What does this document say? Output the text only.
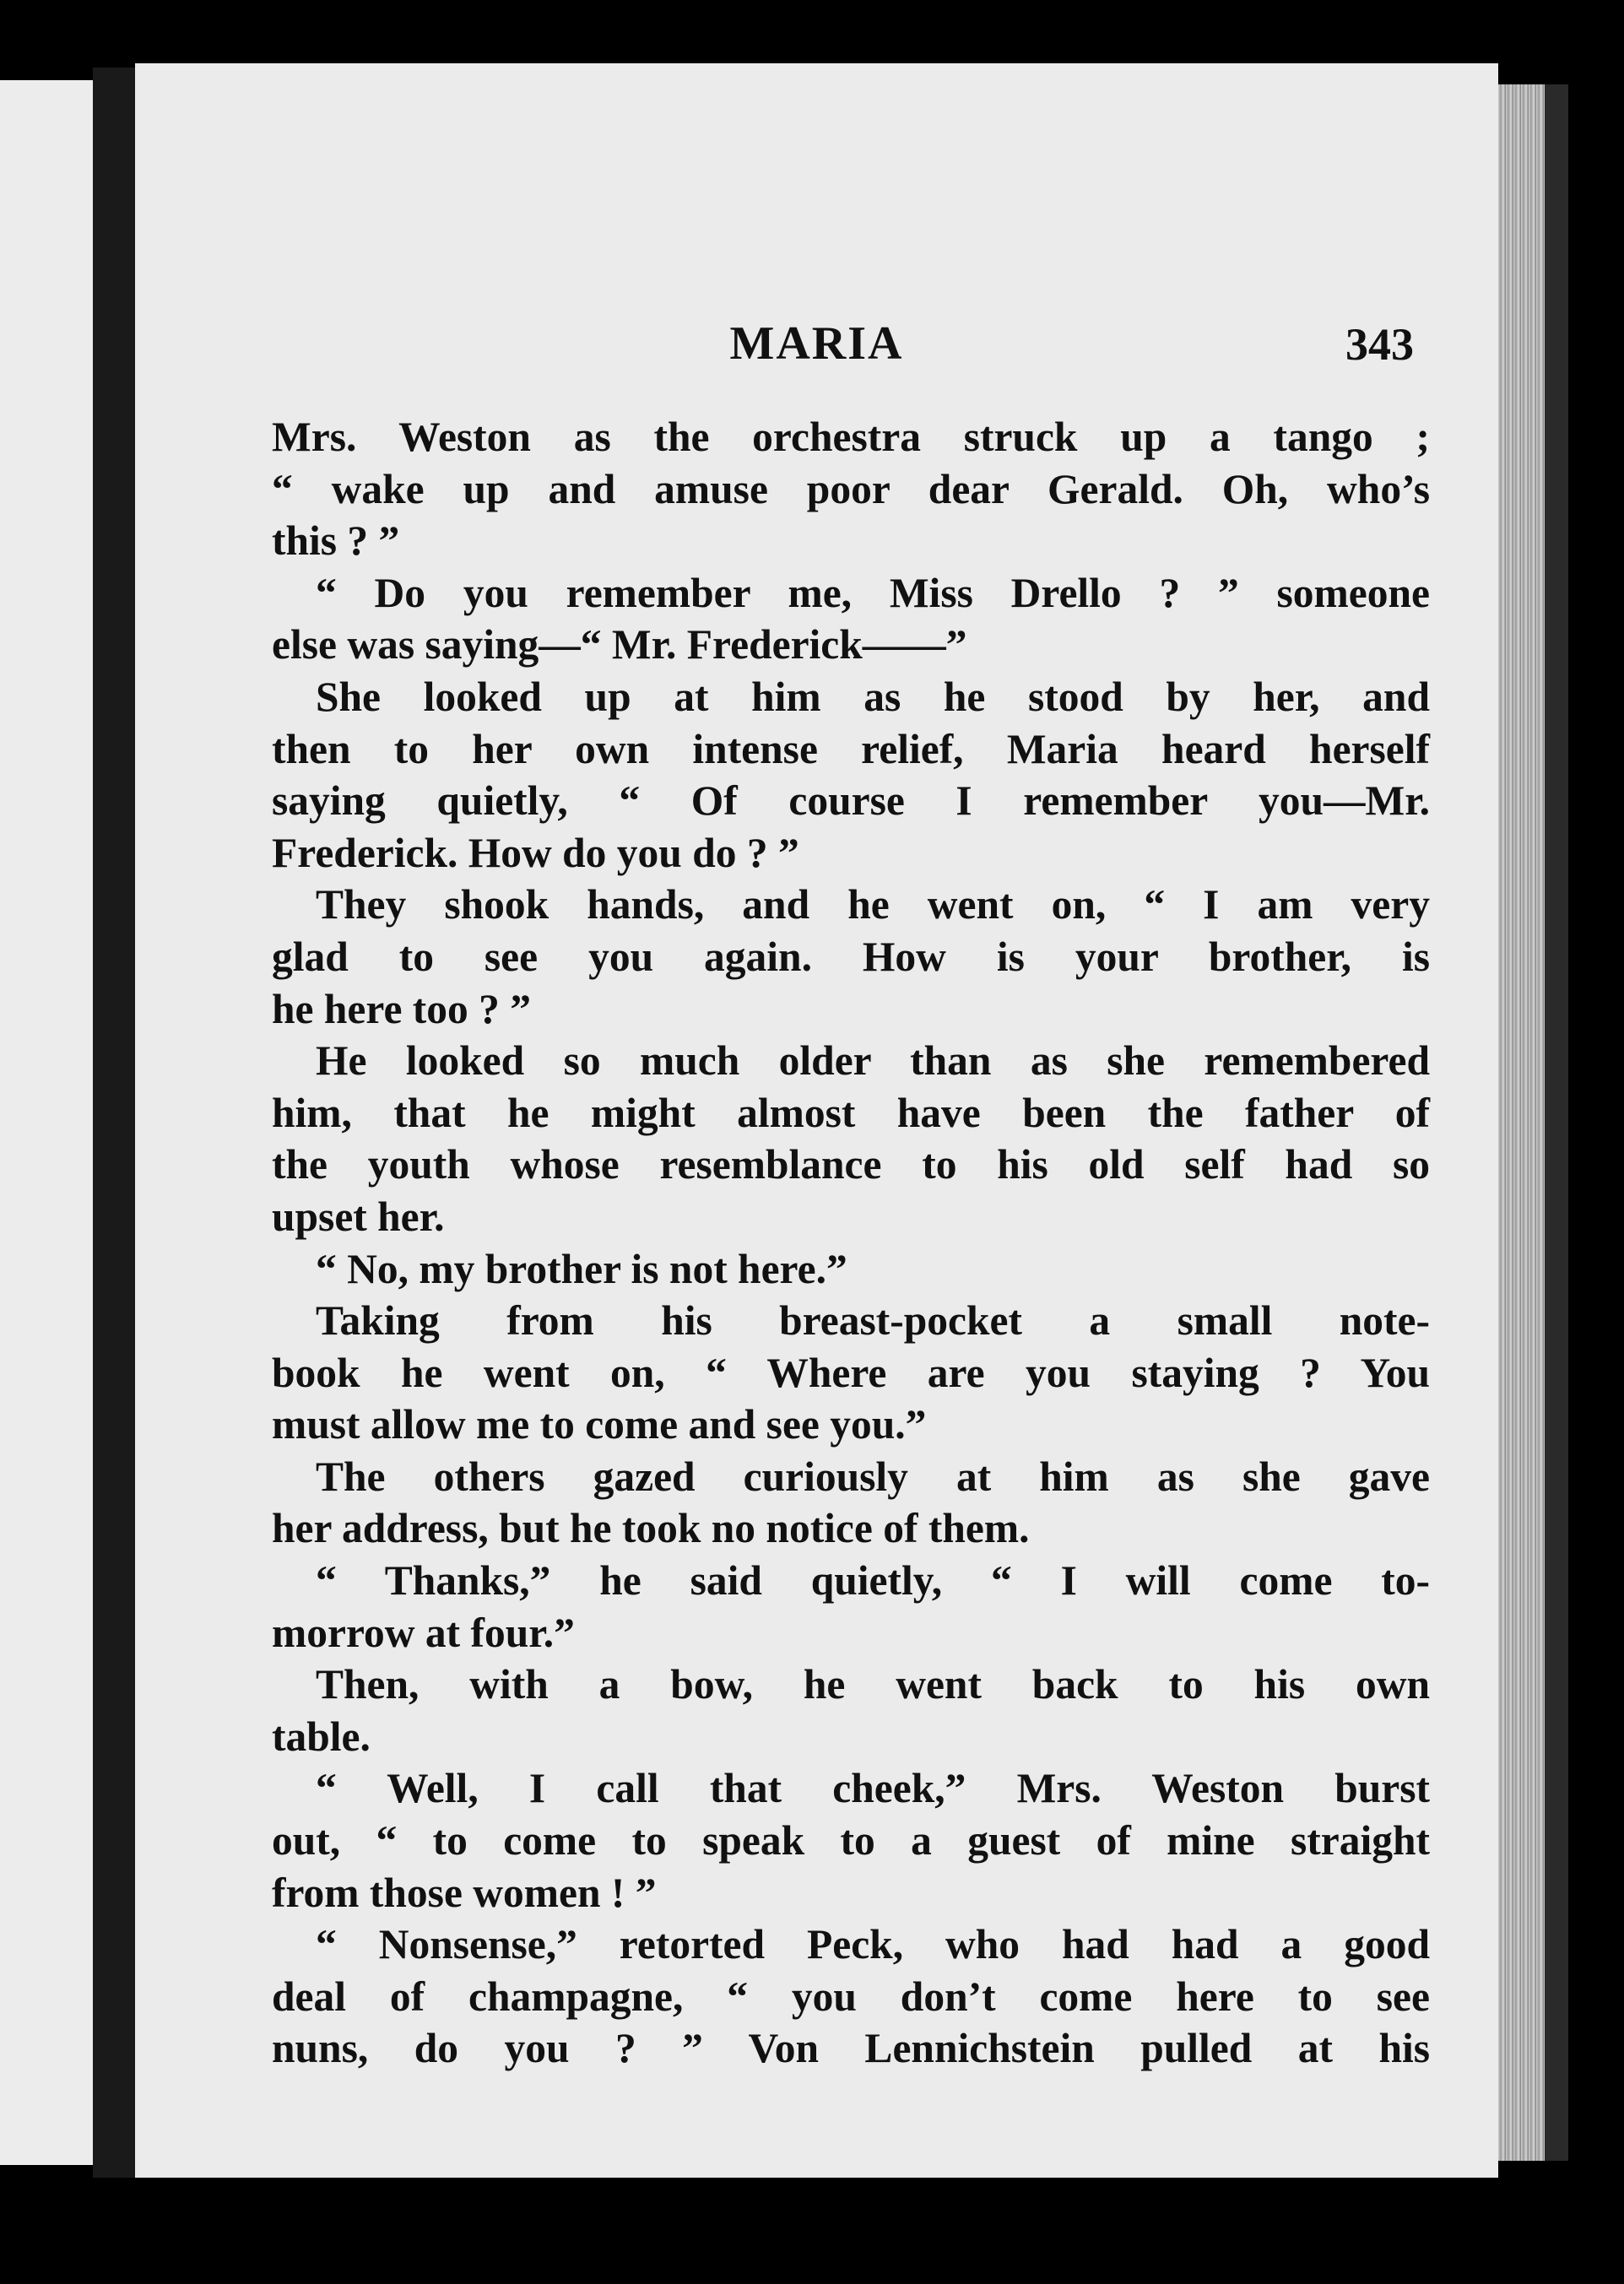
MARIA	343
Mrs. Weston as the orchestra struck up a tango ;
“ wake up and amuse poor dear Gerald. Oh, who’s
this ? ”
“ Do you remember me, Miss Drello ? ” someone
else was saying—“ Mr. Frederick——”
She looked up at him as he stood by her, and
then to her own intense relief, Maria heard herself
saying quietly, “ Of course I remember you—Mr.
Frederick. How do you do ? ”
They shook hands, and he went on, “ I am very
glad to see you again. How is your brother, is
he here too ? ”
He looked so much older than as she remembered
him, that he might almost have been the father of
the youth whose resemblance to his old self had so
upset her.
“ No, my brother is not here.”
Taking from his breast-pocket a small note-
book he went on, “ Where are you staying ? You
must allow me to come and see you.”
The others gazed curiously at him as she gave
her address, but he took no notice of them.
“ Thanks,” he said quietly, “ I will come to-
morrow at four.”
Then, with a bow, he went back to his own
table.
“ Well, I call that cheek,” Mrs. Weston burst
out, “ to come to speak to a guest of mine straight
from those women ! ”
“ Nonsense,” retorted Peck, who had had a good
deal of champagne, “ you don’t come here to see
nuns, do you ? ” Von Lennichstein pulled at his
